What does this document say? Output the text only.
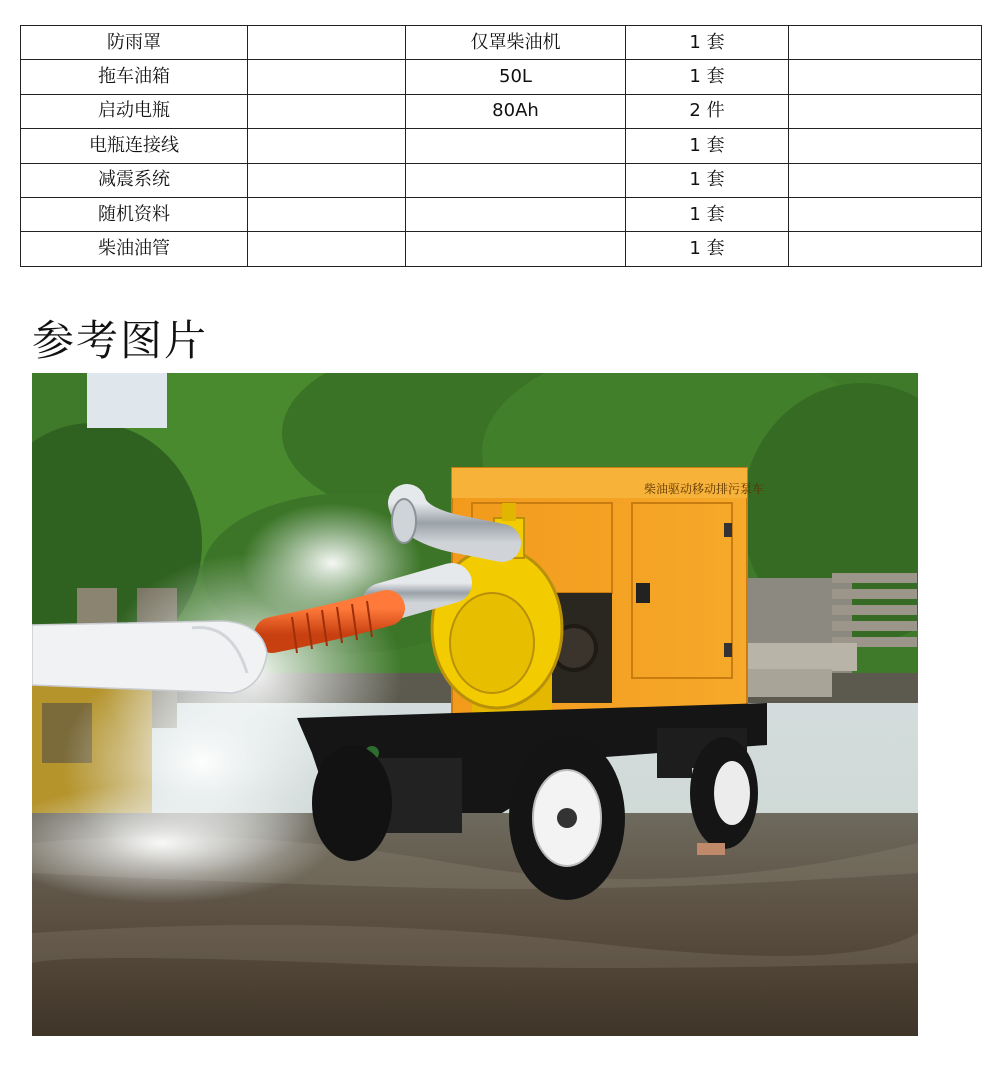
防雨罩		仅罩柴油机	1 套	
拖车油箱		50L	1 套	
启动电瓶		80Ah	2 件	
电瓶连接线			1 套	
减震系统			1 套	
随机资料			1 套	
柴油油管			1 套	
参考图片
柴油驱动移动排污泵车
